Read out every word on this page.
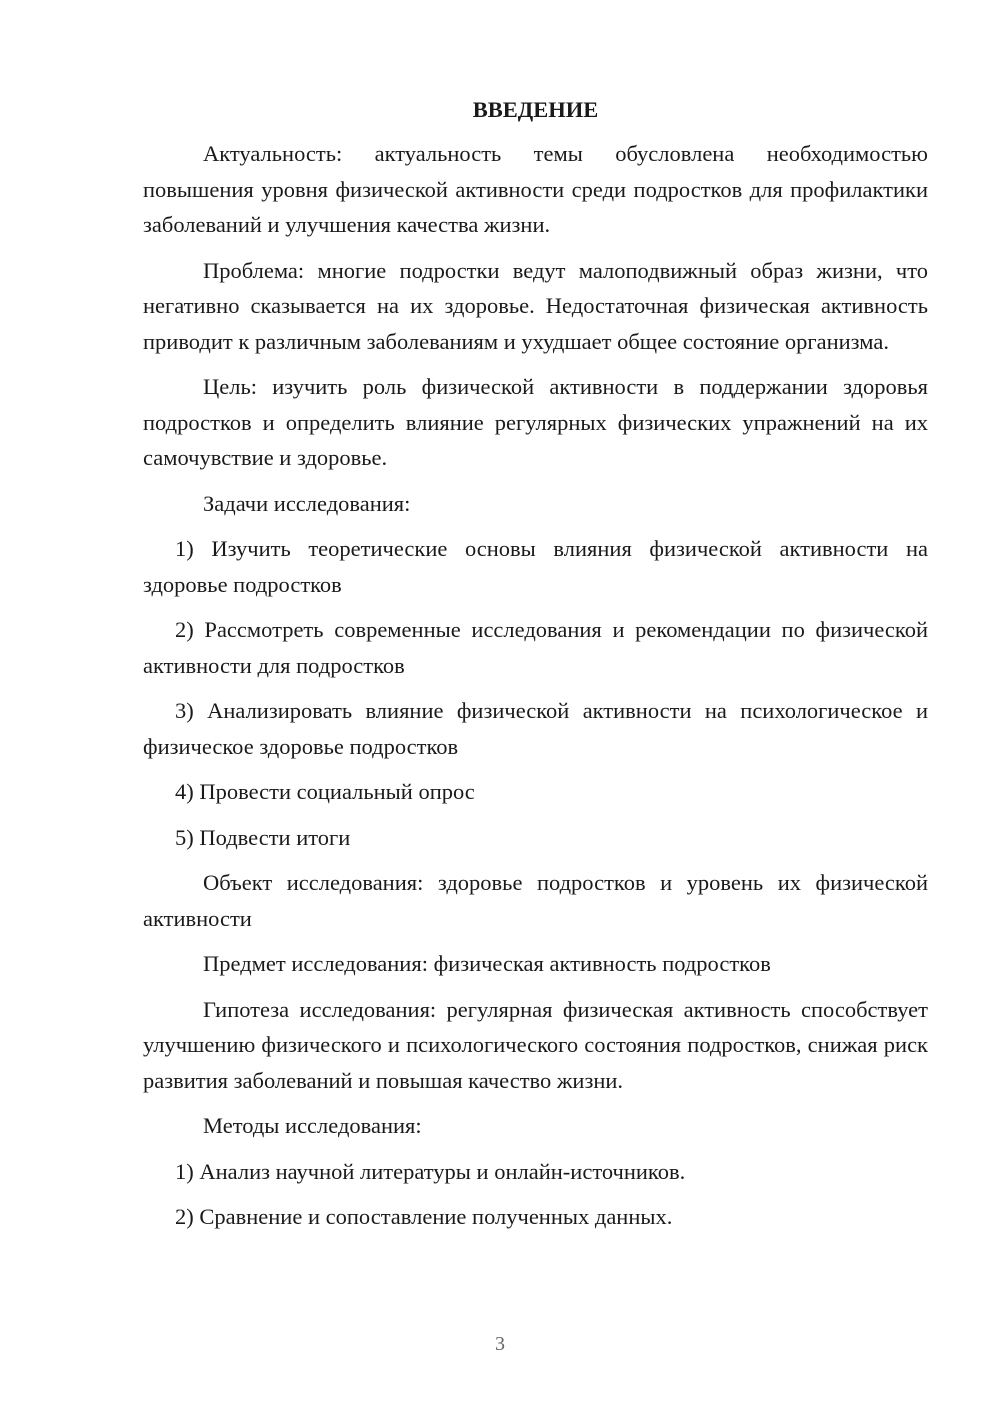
ВВЕДЕНИЕ

Актуальность: актуальность темы обусловлена необходимостью повышения уровня физической активности среди подростков для профилактики заболеваний и улучшения качества жизни.

Проблема: многие подростки ведут малоподвижный образ жизни, что негативно сказывается на их здоровье. Недостаточная физическая активность приводит к различным заболеваниям и ухудшает общее состояние организма.

Цель: изучить роль физической активности в поддержании здоровья подростков и определить влияние регулярных физических упражнений на их самочувствие и здоровье.

Задачи исследования:

1) Изучить теоретические основы влияния физической активности на здоровье подростков

2) Рассмотреть современные исследования и рекомендации по физической активности для подростков

3) Анализировать влияние физической активности на психологическое и физическое здоровье подростков

4) Провести социальный опрос

5) Подвести итоги

Объект исследования: здоровье подростков и уровень их физической активности

Предмет исследования: физическая активность подростков

Гипотеза исследования: регулярная физическая активность способствует улучшению физического и психологического состояния подростков, снижая риск развития заболеваний и повышая качество жизни.

Методы исследования:

1) Анализ научной литературы и онлайн-источников.

2) Сравнение и сопоставление полученных данных.

3
